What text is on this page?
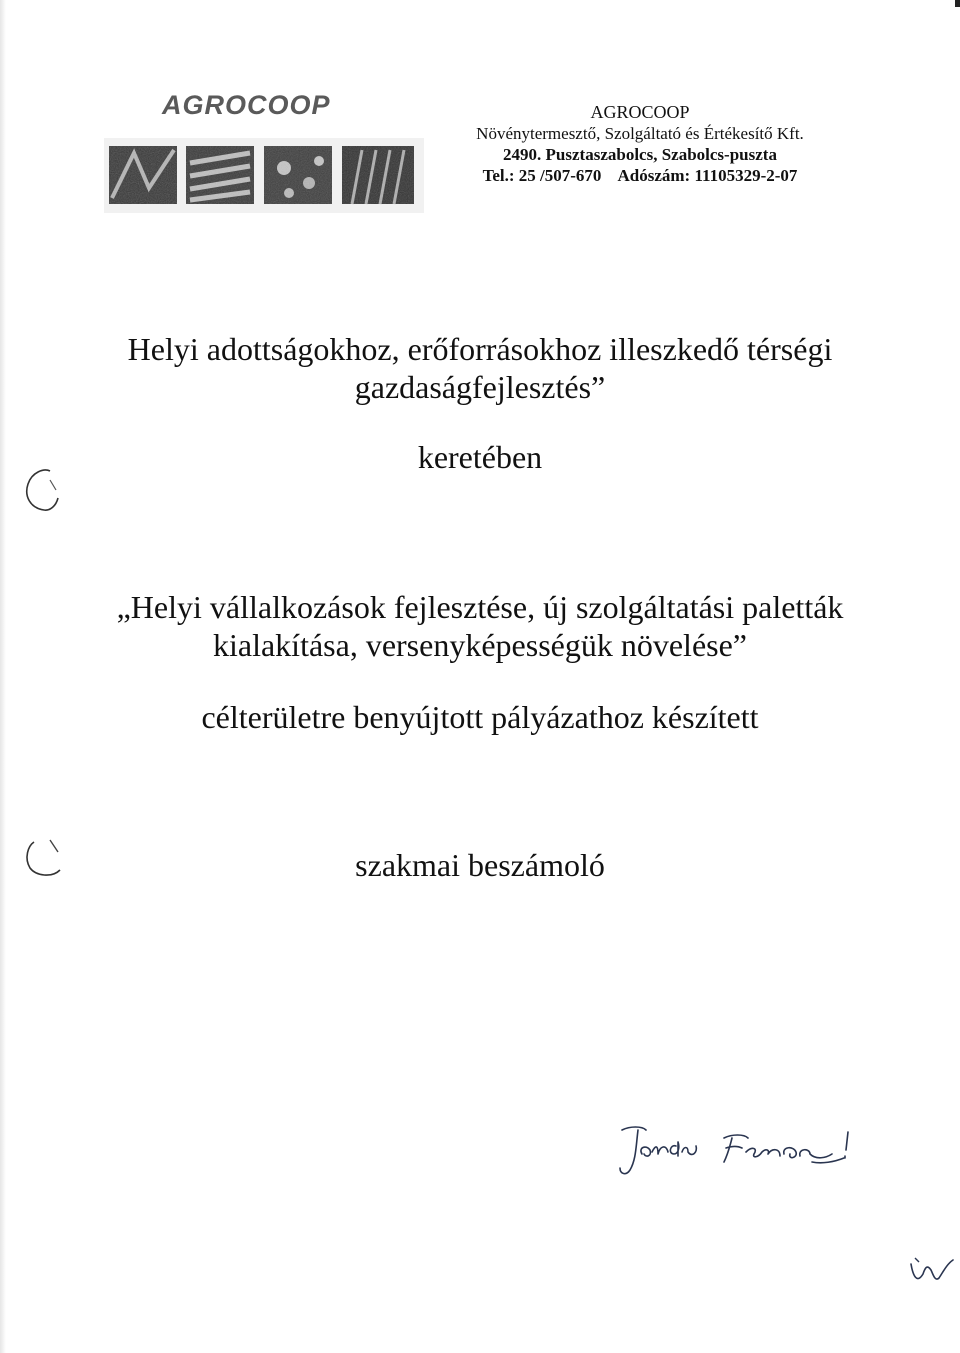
AGROCOOP	AGROCOOP
Növénytermesztő, Szolgáltató és Értékesítő Kft.
2490. Pusztaszabolcs, Szabolcs-puszta
Tel.: 25 /507-670 Adószám: 11105329-2-07
Helyi adottságokhoz, erőforrásokhoz illeszkedő térségi
gazdaságfejlesztés”
keretében
„Helyi vállalkozások fejlesztése, új szolgáltatási paletták
kialakítása, versenyképességük növelése”
célterületre benyújtott pályázathoz készített
szakmai beszámoló
